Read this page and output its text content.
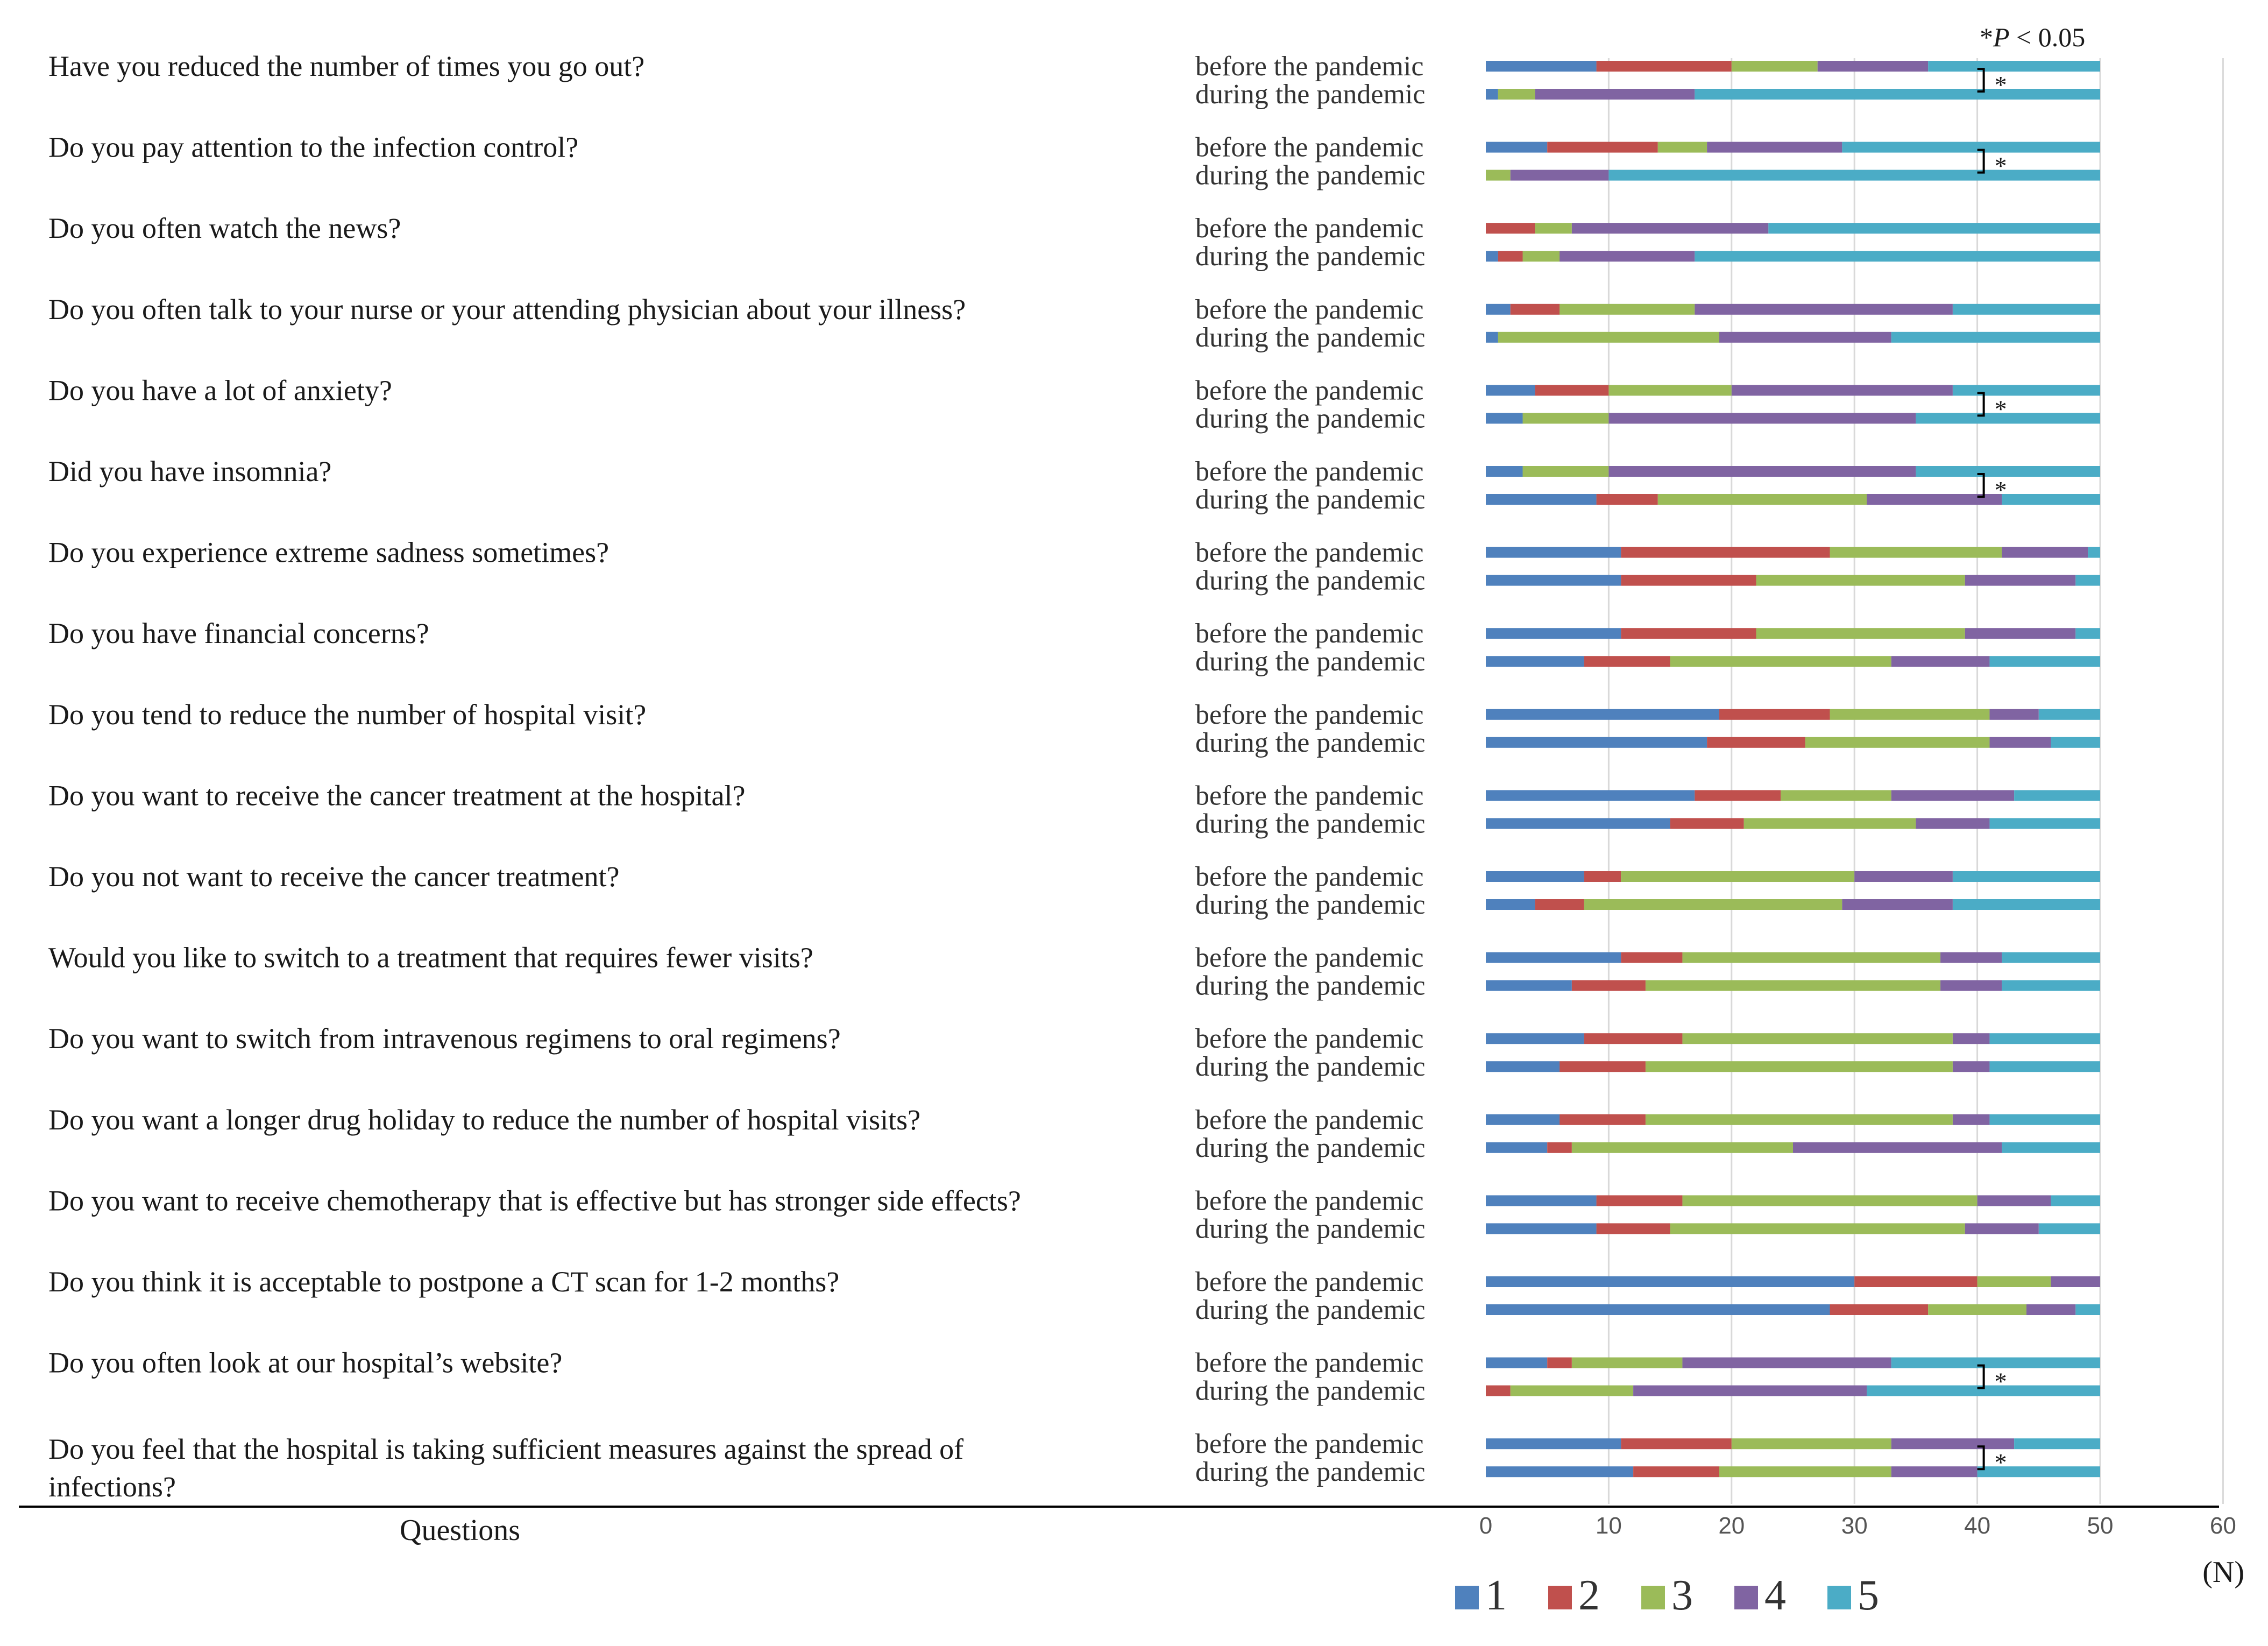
Have you reduced the number of times you go out?	before the pandemic
during the pandemic
Do you pay attention to the infection control?	before the pandemic
during the pandemic
Do you often watch the news?	before the pandemic
during the pandemic
Do you often talk to your nurse or your attending physician about your illness?	before the pandemic
during the pandemic
Do you have a lot of anxiety?	before the pandemic
during the pandemic
Did you have insomnia?	before the pandemic
during the pandemic
Do you experience extreme sadness sometimes?	before the pandemic
during the pandemic
Do you have financial concerns?	before the pandemic
during the pandemic
Do you tend to reduce the number of hospital visit?	before the pandemic
during the pandemic
Do you want to receive the cancer treatment at the hospital?	before the pandemic
during the pandemic
Do you not want to receive the cancer treatment?	before the pandemic
during the pandemic
Would you like to switch to a treatment that requires fewer visits?	before the pandemic
during the pandemic
Do you want to switch from intravenous regimens to oral regimens?	before the pandemic
during the pandemic
Do you want a longer drug holiday to reduce the number of hospital visits?	before the pandemic
during the pandemic
Do you want to receive chemotherapy that is effective but has stronger side effects?	before the pandemic
during the pandemic
Do you think it is acceptable to postpone a CT scan for 1-2 months?	before the pandemic
during the pandemic
Do you often look at our hospital’s website?	before the pandemic
during the pandemic
Do you feel that the hospital is taking sufficient measures against the spread of infections?
before the pandemic
during the pandemic
*
*
*
*
*
*
0	10	20	30	40	50	60
1 2 3 4 5
*P < 0.05
Questions
(N)
